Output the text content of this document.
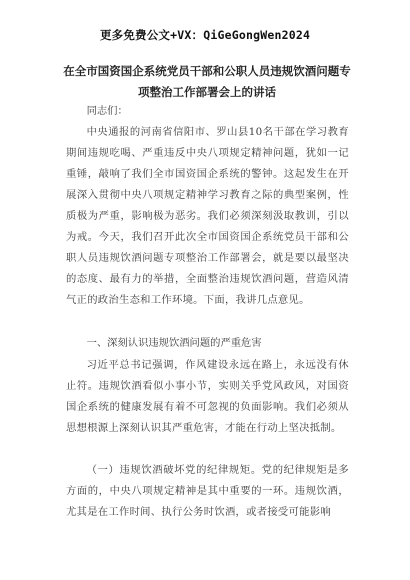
更多免费公文+VX：QiGeGongWen2024
在全市国资国企系统党员干部和公职人员违规饮酒问题专项整治工作部署会上的讲话
同志们：

中央通报的河南省信阳市、罗山县10名干部在学习教育期间违规吃喝、严重违反中央八项规定精神问题，犹如一记重锤，敲响了我们全市国资国企系统的警钟。这起发生在开展深入贯彻中央八项规定精神学习教育之际的典型案例，性质极为严重，影响极为恶劣。我们必须深刻汲取教训，引以为戒。今天，我们召开此次全市国资国企系统党员干部和公职人员违规饮酒问题专项整治工作部署会，就是要以最坚决的态度、最有力的举措，全面整治违规饮酒问题，营造风清气正的政治生态和工作环境。下面，我讲几点意见。

一、深刻认识违规饮酒问题的严重危害

习近平总书记强调，作风建设永远在路上，永远没有休止符。违规饮酒看似小事小节，实则关乎党风政风，对国资国企系统的健康发展有着不可忽视的负面影响。我们必须从思想根源上深刻认识其严重危害，才能在行动上坚决抵制。

（一）违规饮酒破坏党的纪律规矩。党的纪律规矩是多方面的，中央八项规定精神是其中重要的一环。违规饮酒，尤其是在工作时间、执行公务时饮酒，或者接受可能影响
